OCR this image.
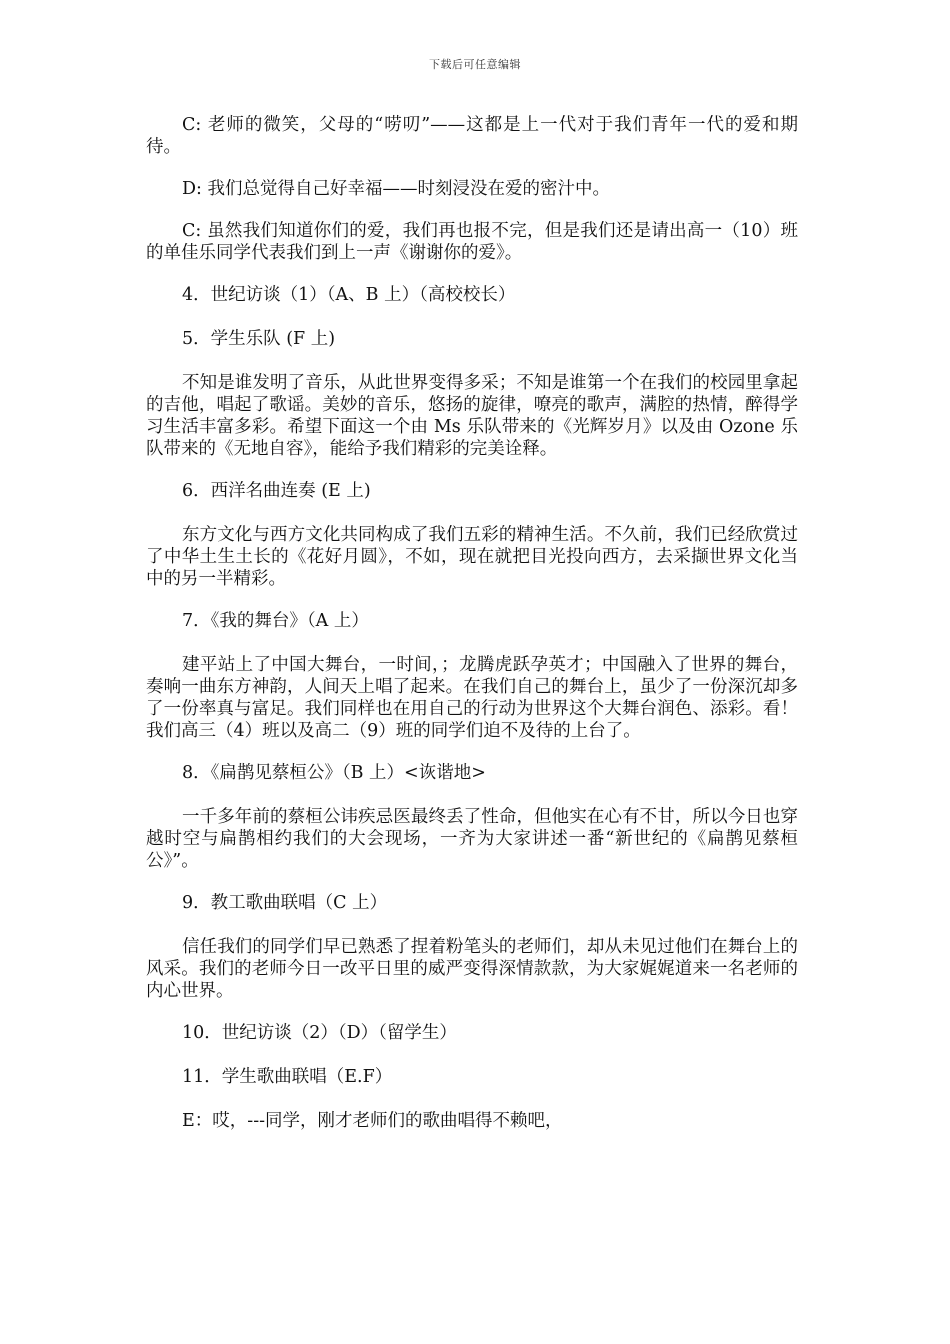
下载后可任意编辑

C: 老师的微笑，父母的“唠叨”——这都是上一代对于我们青年一代的爱和期待。

D: 我们总觉得自己好幸福——时刻浸没在爱的密汁中。

C: 虽然我们知道你们的爱，我们再也报不完，但是我们还是请出高一（10）班的单佳乐同学代表我们到上一声《谢谢你的爱》。

4．世纪访谈（1）（A、B 上）（高校校长）

5．学生乐队 (F 上)

不知是谁发明了音乐，从此世界变得多采；不知是谁第一个在我们的校园里拿起的吉他，唱起了歌谣。美妙的音乐，悠扬的旋律，嘹亮的歌声，满腔的热情，醉得学习生活丰富多彩。希望下面这一个由 Ms 乐队带来的《光辉岁月》以及由 Ozone 乐队带来的《无地自容》，能给予我们精彩的完美诠释。

6．西洋名曲连奏 (E 上)

东方文化与西方文化共同构成了我们五彩的精神生活。不久前，我们已经欣赏过了中华土生土长的《花好月圆》，不如，现在就把目光投向西方，去采撷世界文化当中的另一半精彩。

7．《我的舞台》（A 上）

建平站上了中国大舞台，一时间，；龙腾虎跃孕英才；中国融入了世界的舞台，奏响一曲东方神韵，人间天上唱了起来。在我们自己的舞台上，虽少了一份深沉却多了一份率真与富足。我们同样也在用自己的行动为世界这个大舞台润色、添彩。看！我们高三（4）班以及高二（9）班的同学们迫不及待的上台了。

8．《扁鹊见蔡桓公》（B 上）<诙谐地>

一千多年前的蔡桓公讳疾忌医最终丢了性命，但他实在心有不甘，所以今日也穿越时空与扁鹊相约我们的大会现场，一齐为大家讲述一番“新世纪的《扁鹊见蔡桓公》”。

9．教工歌曲联唱（C 上）

信任我们的同学们早已熟悉了捏着粉笔头的老师们，却从未见过他们在舞台上的风采。我们的老师今日一改平日里的威严变得深情款款，为大家娓娓道来一名老师的内心世界。

10．世纪访谈（2）（D）（留学生）

11．学生歌曲联唱（E.F）

E：哎，---同学，刚才老师们的歌曲唱得不赖吧，
